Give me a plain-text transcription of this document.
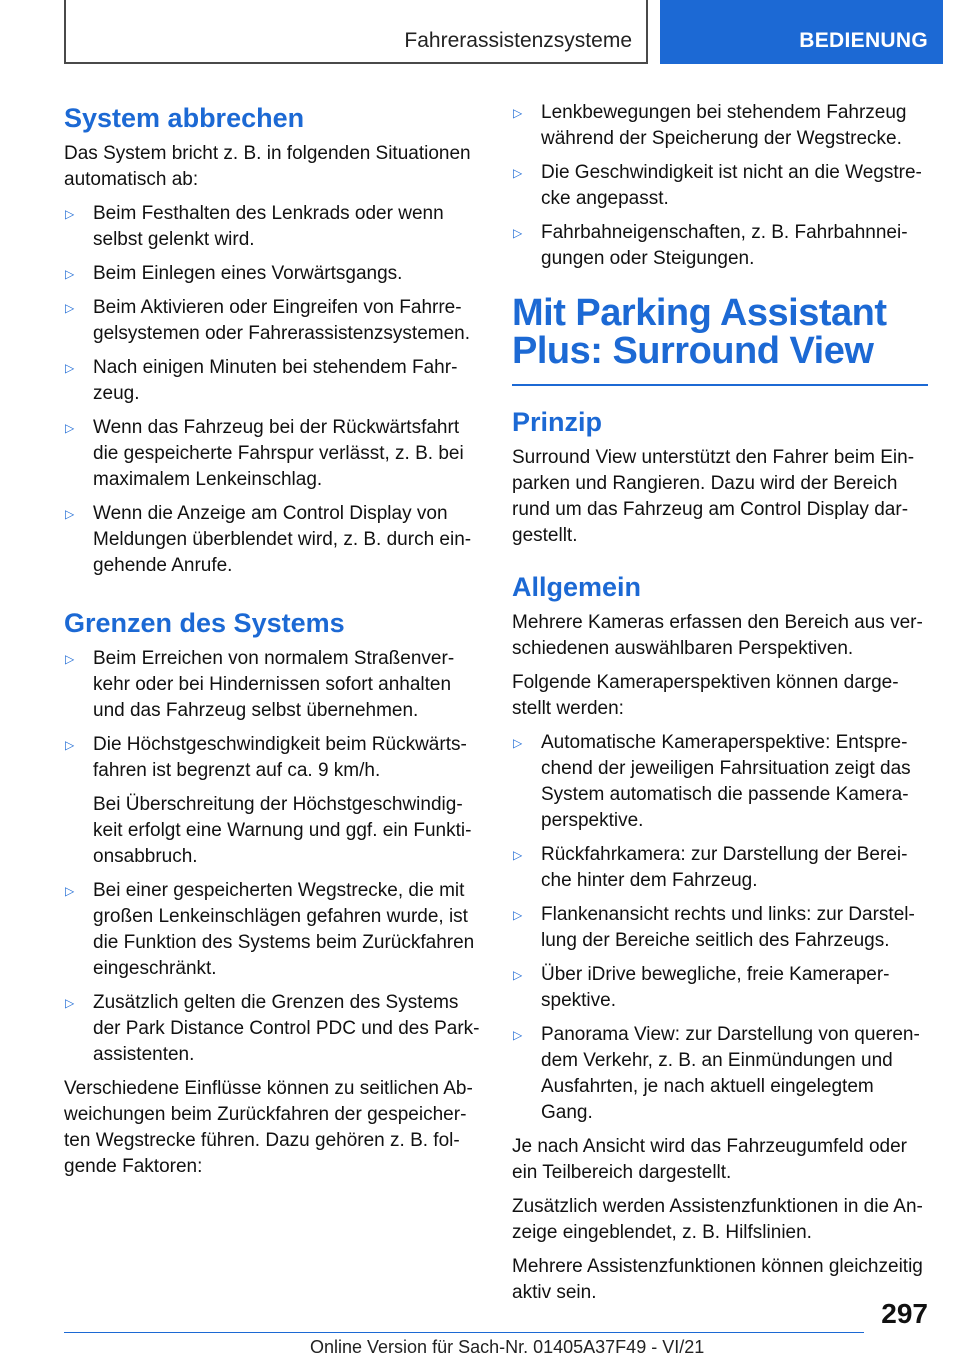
Fahrerassistenzsysteme	BEDIENUNG
System abbrechen

Das System bricht z. B. in folgenden Situationen automatisch ab:

▷ Beim Festhalten des Lenkrads oder wenn selbst gelenkt wird.
▷ Beim Einlegen eines Vorwärtsgangs.
▷ Beim Aktivieren oder Eingreifen von Fahrregelsystemen oder Fahrerassistenzsystemen.
▷ Nach einigen Minuten bei stehendem Fahrzeug.
▷ Wenn das Fahrzeug bei der Rückwärtsfahrt die gespeicherte Fahrspur verlässt, z. B. bei maximalem Lenkeinschlag.
▷ Wenn die Anzeige am Control Display von Meldungen überblendet wird, z. B. durch eingehende Anrufe.
Grenzen des Systems
▷ Beim Erreichen von normalem Straßenverkehr oder bei Hindernissen sofort anhalten und das Fahrzeug selbst übernehmen.
▷ Die Höchstgeschwindigkeit beim Rückwärtsfahren ist begrenzt auf ca. 9 km/h.
Bei Überschreitung der Höchstgeschwindigkeit erfolgt eine Warnung und ggf. ein Funktionsabbruch.
▷ Bei einer gespeicherten Wegstrecke, die mit großen Lenkeinschlägen gefahren wurde, ist die Funktion des Systems beim Zurückfahren eingeschränkt.
▷ Zusätzlich gelten die Grenzen des Systems der Park Distance Control PDC und des Parkassistenten.

Verschiedene Einflüsse können zu seitlichen Abweichungen beim Zurückfahren der gespeicherten Wegstrecke führen. Dazu gehören z. B. folgende Faktoren:

▷ Lenkbewegungen bei stehendem Fahrzeug während der Speicherung der Wegstrecke.
▷ Die Geschwindigkeit ist nicht an die Wegstrecke angepasst.
▷ Fahrbahneigenschaften, z. B. Fahrbahnneigungen oder Steigungen.
Mit Parking Assistant Plus: Surround View
Prinzip

Surround View unterstützt den Fahrer beim Einparken und Rangieren. Dazu wird der Bereich rund um das Fahrzeug am Control Display dargestellt.

Allgemein

Mehrere Kameras erfassen den Bereich aus verschiedenen auswählbaren Perspektiven.

Folgende Kameraperspektiven können dargestellt werden:

▷ Automatische Kameraperspektive: Entsprechend der jeweiligen Fahrsituation zeigt das System automatisch die passende Kameraperspektive.
▷ Rückfahrkamera: zur Darstellung der Bereiche hinter dem Fahrzeug.
▷ Flankenansicht rechts und links: zur Darstellung der Bereiche seitlich des Fahrzeugs.
▷ Über iDrive bewegliche, freie Kameraperspektive.
▷ Panorama View: zur Darstellung von querendem Verkehr, z. B. an Einmündungen und Ausfahrten, je nach aktuell eingelegtem Gang.

Je nach Ansicht wird das Fahrzeugumfeld oder ein Teilbereich dargestellt.

Zusätzlich werden Assistenzfunktionen in die Anzeige eingeblendet, z. B. Hilfslinien.

Mehrere Assistenzfunktionen können gleichzeitig aktiv sein.

297
Online Version für Sach-Nr. 01405A37F49 - VI/21
